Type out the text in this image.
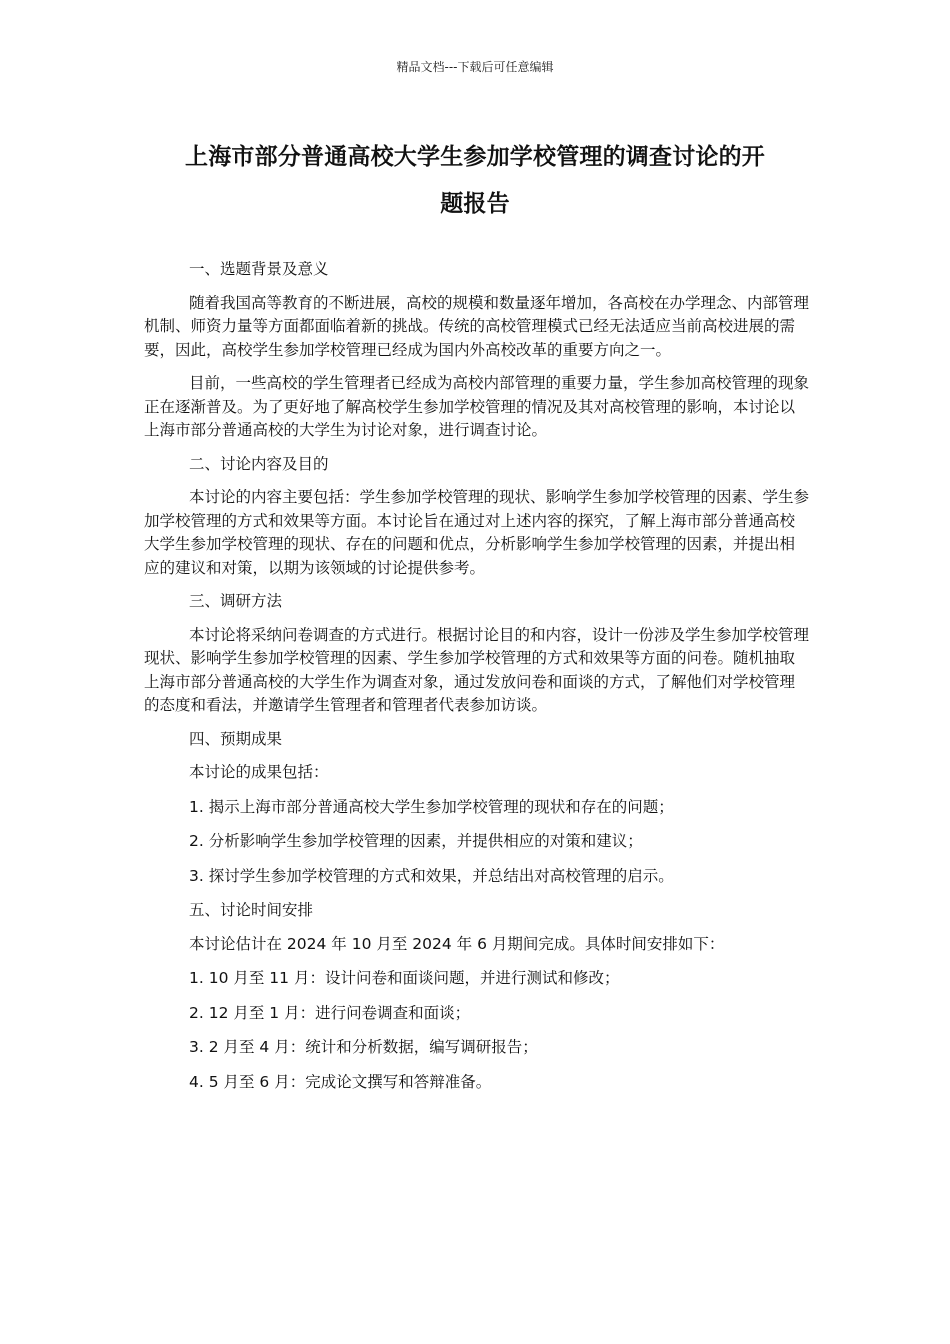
精品文档---下载后可任意编辑
上海市部分普通高校大学生参加学校管理的调查讨论的开
题报告

一、选题背景及意义

随着我国高等教育的不断进展，高校的规模和数量逐年增加，各高校在办学理念、内部管理机制、师资力量等方面都面临着新的挑战。传统的高校管理模式已经无法适应当前高校进展的需要，因此，高校学生参加学校管理已经成为国内外高校改革的重要方向之一。

目前，一些高校的学生管理者已经成为高校内部管理的重要力量，学生参加高校管理的现象正在逐渐普及。为了更好地了解高校学生参加学校管理的情况及其对高校管理的影响，本讨论以上海市部分普通高校的大学生为讨论对象，进行调查讨论。

二、讨论内容及目的

本讨论的内容主要包括：学生参加学校管理的现状、影响学生参加学校管理的因素、学生参加学校管理的方式和效果等方面。本讨论旨在通过对上述内容的探究，了解上海市部分普通高校大学生参加学校管理的现状、存在的问题和优点，分析影响学生参加学校管理的因素，并提出相应的建议和对策，以期为该领域的讨论提供参考。

三、调研方法

本讨论将采纳问卷调查的方式进行。根据讨论目的和内容，设计一份涉及学生参加学校管理现状、影响学生参加学校管理的因素、学生参加学校管理的方式和效果等方面的问卷。随机抽取上海市部分普通高校的大学生作为调查对象，通过发放问卷和面谈的方式，了解他们对学校管理的态度和看法，并邀请学生管理者和管理者代表参加访谈。

四、预期成果

本讨论的成果包括：

1. 揭示上海市部分普通高校大学生参加学校管理的现状和存在的问题；

2. 分析影响学生参加学校管理的因素，并提供相应的对策和建议；

3. 探讨学生参加学校管理的方式和效果，并总结出对高校管理的启示。

五、讨论时间安排

本讨论估计在 2024 年 10 月至 2024 年 6 月期间完成。具体时间安排如下：

1. 10 月至 11 月：设计问卷和面谈问题，并进行测试和修改；

2. 12 月至 1 月：进行问卷调查和面谈；

3. 2 月至 4 月：统计和分析数据，编写调研报告；

4. 5 月至 6 月：完成论文撰写和答辩准备。
